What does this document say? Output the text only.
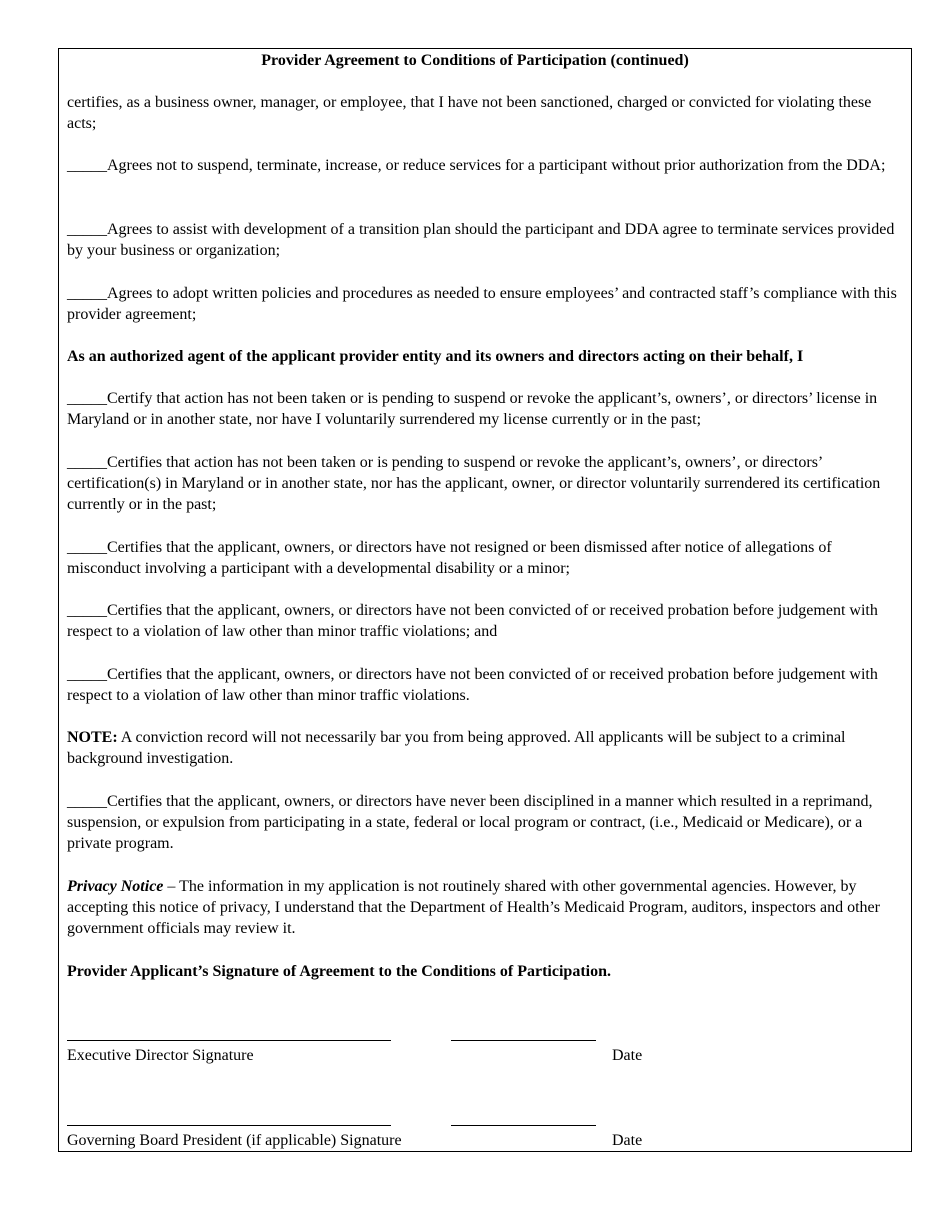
Provider Agreement to Conditions of Participation (continued)
certifies, as a business owner, manager, or employee, that I have not been sanctioned, charged or convicted for violating these acts;
_____Agrees not to suspend, terminate, increase, or reduce services for a participant without prior authorization from the DDA;
_____Agrees to assist with development of a transition plan should the participant and DDA agree to terminate services provided by your business or organization;
_____Agrees to adopt written policies and procedures as needed to ensure employees’ and contracted staff’s compliance with this provider agreement;
As an authorized agent of the applicant provider entity and its owners and directors acting on their behalf, I
_____Certify that action has not been taken or is pending to suspend or revoke the applicant’s, owners’, or directors’ license in Maryland or in another state, nor have I voluntarily surrendered my license currently or in the past;
_____Certifies that action has not been taken or is pending to suspend or revoke the applicant’s, owners’, or directors’ certification(s) in Maryland or in another state, nor has the applicant, owner, or director voluntarily surrendered its certification currently or in the past;
_____Certifies that the applicant, owners, or directors have not resigned or been dismissed after notice of allegations of misconduct involving a participant with a developmental disability or a minor;
_____Certifies that the applicant, owners, or directors have not been convicted of or received probation before judgement with respect to a violation of law other than minor traffic violations; and
_____Certifies that the applicant, owners, or directors have not been convicted of or received probation before judgement with respect to a violation of law other than minor traffic violations.
NOTE: A conviction record will not necessarily bar you from being approved. All applicants will be subject to a criminal background investigation.
_____Certifies that the applicant, owners, or directors have never been disciplined in a manner which resulted in a reprimand, suspension, or expulsion from participating in a state, federal or local program or contract, (i.e., Medicaid or Medicare), or a private program.
Privacy Notice – The information in my application is not routinely shared with other governmental agencies. However, by accepting this notice of privacy, I understand that the Department of Health’s Medicaid Program, auditors, inspectors and other government officials may review it.
Provider Applicant’s Signature of Agreement to the Conditions of Participation.
Executive Director Signature	Date
Governing Board President (if applicable) Signature	Date
